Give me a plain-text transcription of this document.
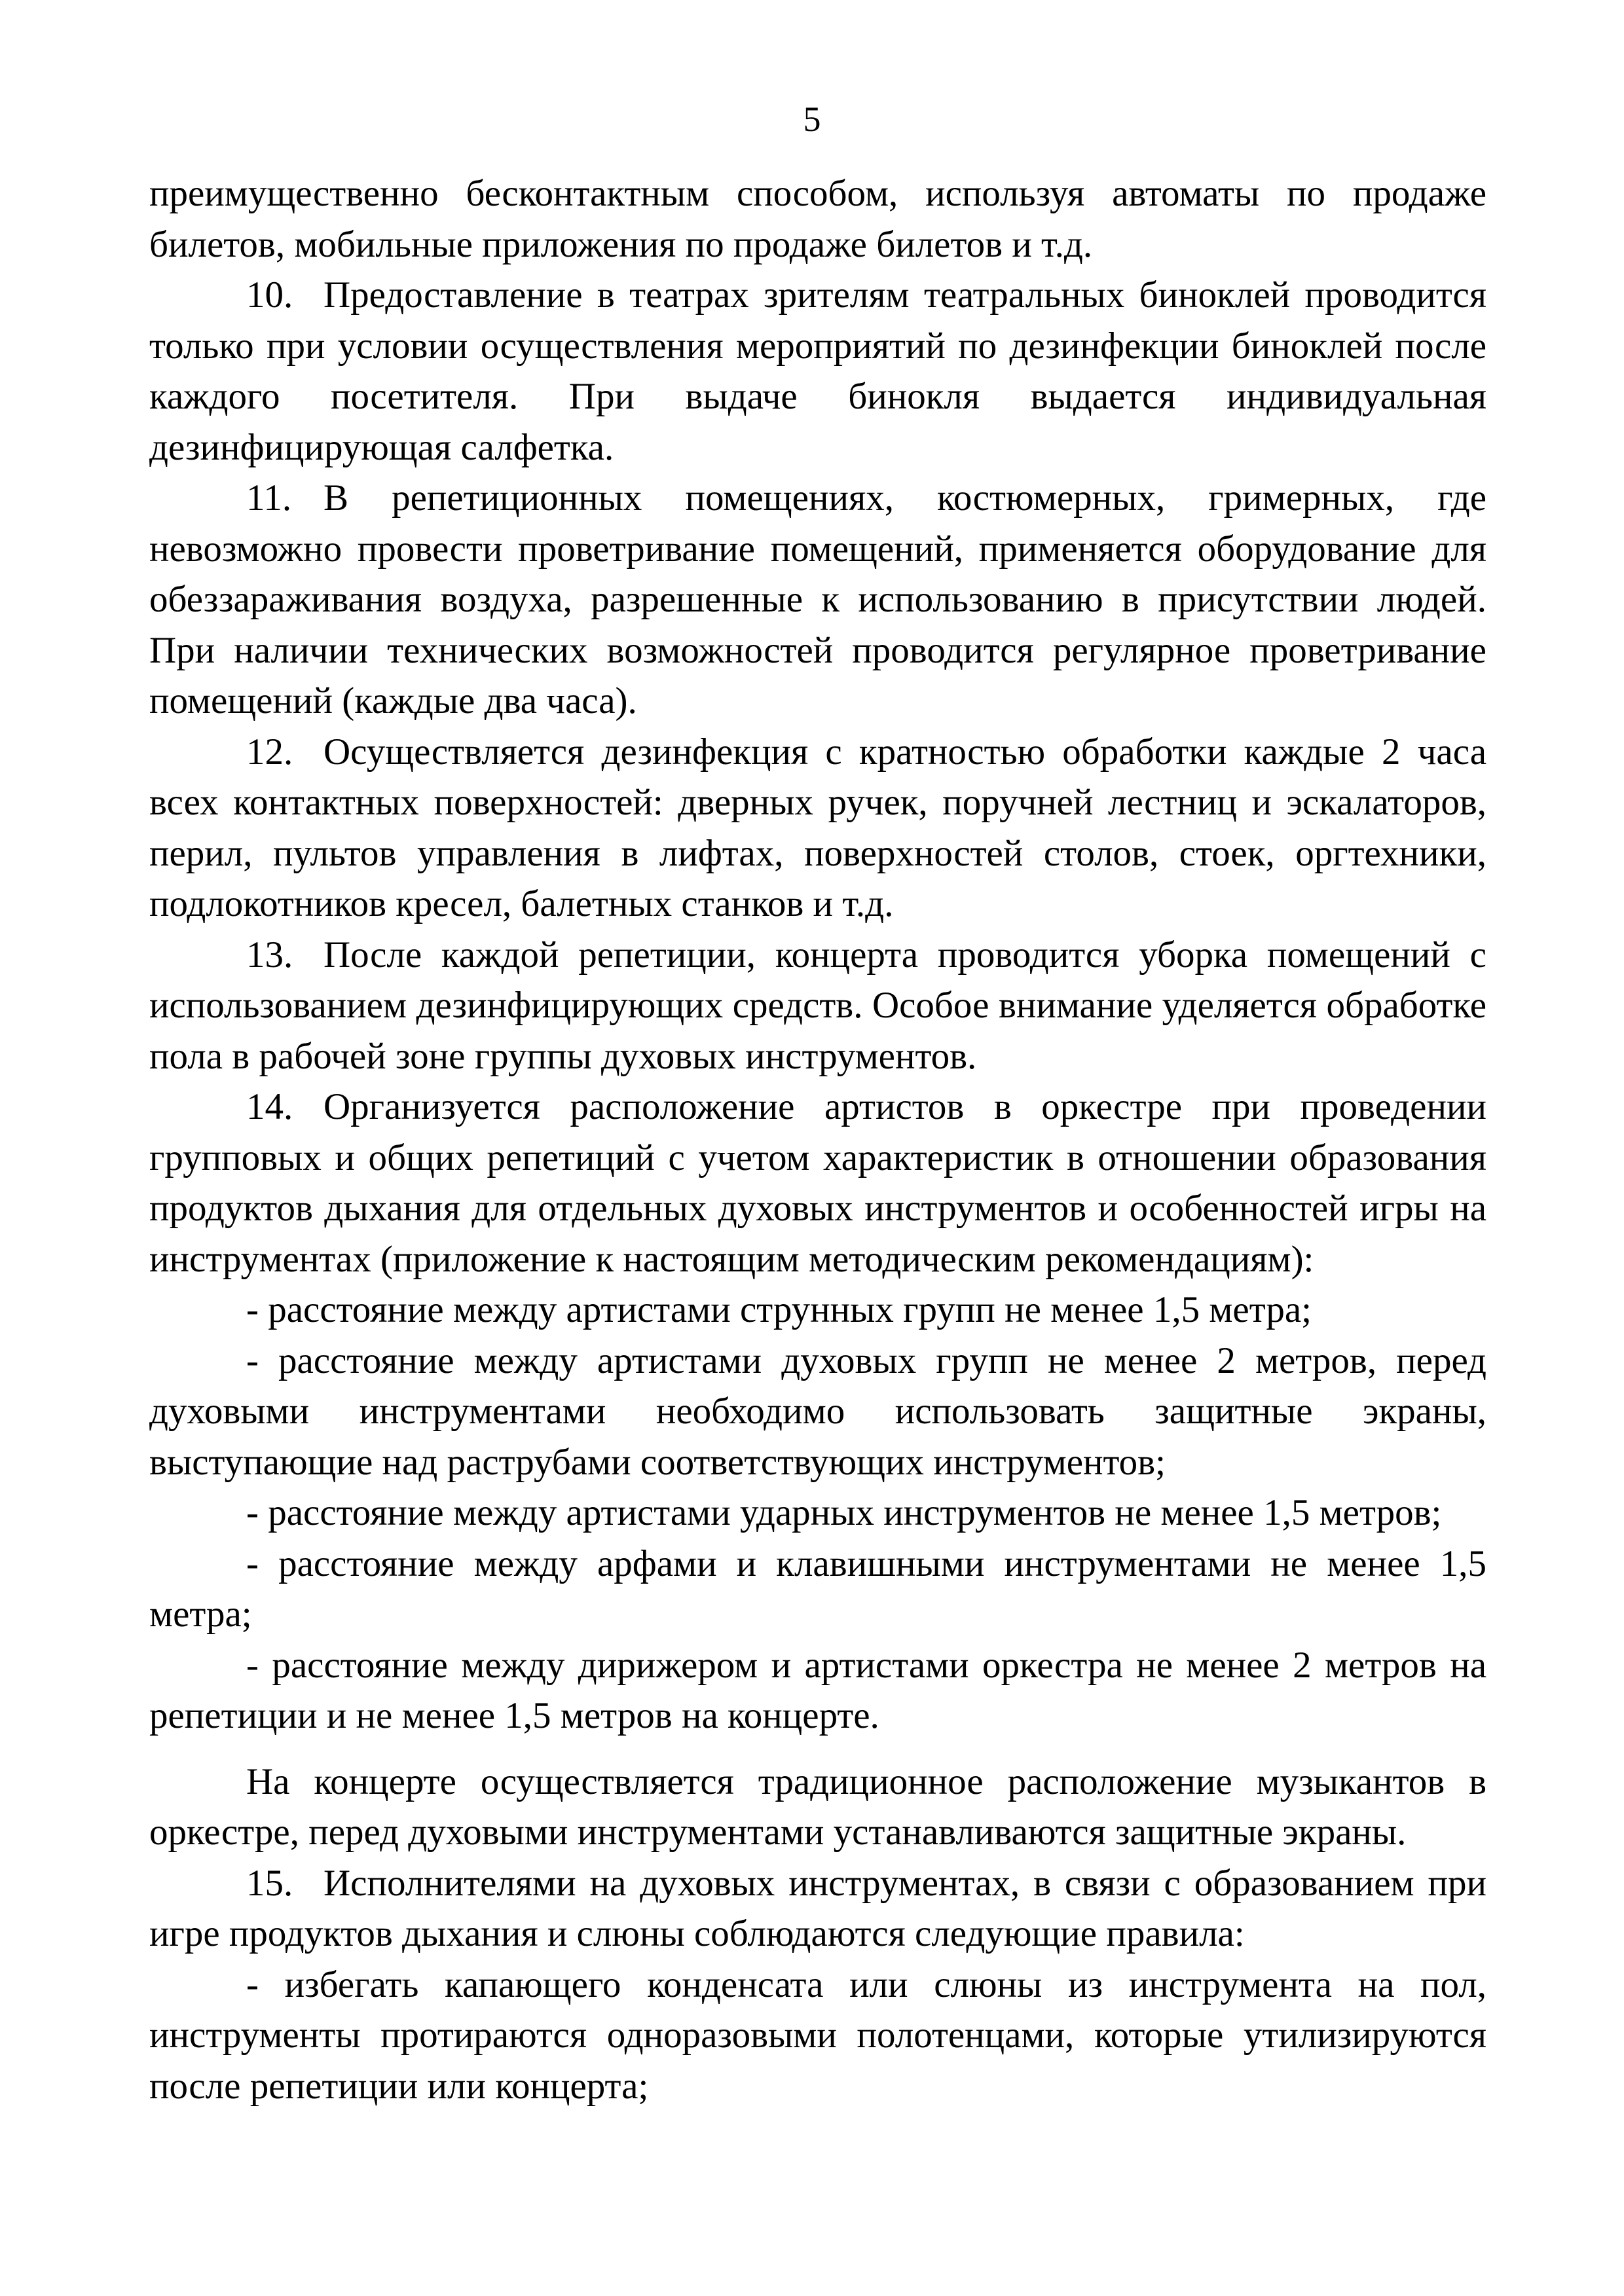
5

преимущественно бесконтактным способом, используя автоматы по продаже билетов, мобильные приложения по продаже билетов и т.д.

10. Предоставление в театрах зрителям театральных биноклей проводится только при условии осуществления мероприятий по дезинфекции биноклей после каждого посетителя. При выдаче бинокля выдается индивидуальная дезинфицирующая салфетка.

11. В репетиционных помещениях, костюмерных, гримерных, где невозможно провести проветривание помещений, применяется оборудование для обеззараживания воздуха, разрешенные к использованию в присутствии людей. При наличии технических возможностей проводится регулярное проветривание помещений (каждые два часа).

12. Осуществляется дезинфекция с кратностью обработки каждые 2 часа всех контактных поверхностей: дверных ручек, поручней лестниц и эскалаторов, перил, пультов управления в лифтах, поверхностей столов, стоек, оргтехники, подлокотников кресел, балетных станков и т.д.

13. После каждой репетиции, концерта проводится уборка помещений с использованием дезинфицирующих средств. Особое внимание уделяется обработке пола в рабочей зоне группы духовых инструментов.

14. Организуется расположение артистов в оркестре при проведении групповых и общих репетиций с учетом характеристик в отношении образования продуктов дыхания для отдельных духовых инструментов и особенностей игры на инструментах (приложение к настоящим методическим рекомендациям):

- расстояние между артистами струнных групп не менее 1,5 метра;

- расстояние между артистами духовых групп не менее 2 метров, перед духовыми инструментами необходимо использовать защитные экраны, выступающие над раструбами соответствующих инструментов;

- расстояние между артистами ударных инструментов не менее 1,5 метров;

- расстояние между арфами и клавишными инструментами не менее 1,5 метра;

- расстояние между дирижером и артистами оркестра не менее 2 метров на репетиции и не менее 1,5 метров на концерте.

На концерте осуществляется традиционное расположение музыкантов в оркестре, перед духовыми инструментами устанавливаются защитные экраны.

15. Исполнителями на духовых инструментах, в связи с образованием при игре продуктов дыхания и слюны соблюдаются следующие правила:

- избегать капающего конденсата или слюны из инструмента на пол, инструменты протираются одноразовыми полотенцами, которые утилизируются после репетиции или концерта;
